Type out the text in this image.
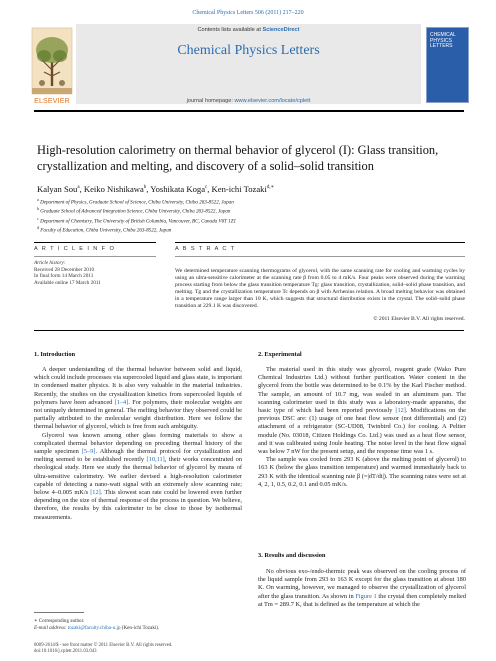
Chemical Physics Letters 506 (2011) 217–220
ELSEVIER
Contents lists available at ScienceDirect
Chemical Physics Letters
journal homepage: www.elsevier.com/locate/cplett
CHEMICAL PHYSICS LETTERS
High-resolution calorimetry on thermal behavior of glycerol (I): Glass transition, crystallization and melting, and discovery of a solid–solid transition
Kalyan Sou$^a$, Keiko Nishikawa$^b$, Yoshikata Koga$^c$, Ken-ichi Tozaki$^{d,∗}$
$^a$ Department of Physics, Graduate School of Science, Chiba University, Chiba 263-8522, Japan
$^b$ Graduate School of Advanced Integration Science, Chiba University, Chiba 263-8522, Japan
$^c$ Department of Chemistry, The University of British Columbia, Vancouver, BC, Canada V6T 1Z1
$^d$ Faculty of Education, Chiba University, Chiba 263-8522, Japan
A R T I C L E I N F O
Article history:
Received 28 December 2010
In final form 14 March 2011
Available online 17 March 2011
A B S T R A C T
We determined temperature scanning thermograms of glycerol, with the same scanning rate for cooling and warming cycles by using an ultra-sensitive calorimeter at the scanning rate β from 0.05 to 4 mK/s. Four peaks were observed during the warming process starting from below the glass transition temperature Tg: glass transition, crystallization, solid–solid phase transition, and melting. Tg and the crystallization temperature Tc depends on β with Arrhenius relation. A broad melting behavior was obtained in a temperature range larger than 10 K, which suggests that structural distribution exists in the crystal. The solid–solid phase transition at 229.1 K was discovered.
© 2011 Elsevier B.V. All rights reserved.
1. Introduction

A deeper understanding of the thermal behavior between solid and liquid, which could include processes via supercooled liquid and glass state, is important in condensed matter physics. It is also very valuable in the material industries. Recently, the studies on the crystallization kinetics from supercooled liquids of polymers have been advanced [1–4]. For polymers, their molecular weights are not uniquely determined in general. The melting behavior they observed could be partially attributed to the molecular weight distribution. Here we follow the thermal behavior of glycerol, which is free from such ambiguity.

Glycerol was known among other glass forming materials to show a complicated thermal behavior depending on preceding thermal history of the sample specimen [5–9]. Although the thermal protocol for crystallization and melting seemed to be established recently [10,11], their works concentrated on rheological study. Here we study the thermal behavior of glycerol by means of ultra-sensitive calorimetry. We earlier devised a high-resolution calorimeter capable of detecting a nano-watt signal with an extremely slow scanning rate; below 4–0.005 mK/s [12]. This slowest scan rate could be lowered even further depending on the size of thermal response of the process in question. We believe, therefore, the results by this calorimeter to be close to those by isothermal measurements.

∗ Corresponding author.
E-mail address: tozaki@faculty.chiba-u.jp (Ken-ichi Tozaki).
0009-2614/$ - see front matter © 2011 Elsevier B.V. All rights reserved.
doi:10.1016/j.cplett.2011.03.043
2. Experimental

The material used in this study was glycerol, reagent grade (Wako Pure Chemical Industries Ltd.) without further purification. Water content in the glycerol from the bottle was determined to be 0.1% by the Karl Fischer method. The sample, an amount of 10.7 mg, was sealed in an aluminum pan. The scanning calorimeter used in this study was a laboratory-made apparatus, the basic type of which had been reported previously [12]. Modifications on the previous DSC are: (1) usage of one heat flow sensor (not differential) and (2) attachment of a refrigerator (SC-UD08, Twinbird Co.) for cooling. A Peltier module (No. 03018, Citizen Holdings Co. Ltd.) was used as a heat flow sensor, and it was calibrated using Joule heating. The noise level in the heat flow signal was below 7 nW for the present setup, and the response time was 1 s.

The sample was cooled from 293 K (above the melting point of glycerol) to 163 K (below the glass transition temperature) and warmed immediately back to 293 K with the identical scanning rate β (=|dT/dt|). The scanning rates were set at 4, 2, 1, 0.5, 0.2, 0.1 and 0.05 mK/s.

3. Results and discussion

No obvious exo-/endo-thermic peak was observed on the cooling process of the liquid sample from 293 to 163 K except for the glass transition at about 180 K. On warming, however, we managed to observe the crystallization of glycerol after the glass transition. As shown in Figure 1 the crystal then completely melted at Tm = 289.7 K, that is defined as the temperature at which the
